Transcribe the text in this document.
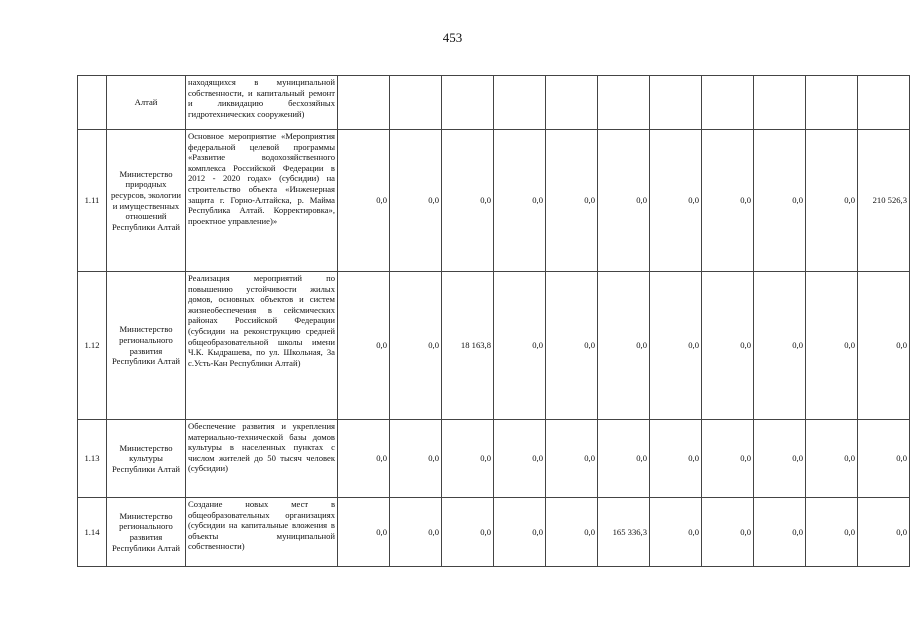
453
	Алтай	находящихся в муниципальной собственности, и капитальный ремонт и ликвидацию бесхозяйных гидротехнических сооружений)											
1.11	Министерство природных ресурсов, экологии и имущественных отношений Республики Алтай	Основное мероприятие «Мероприятия федеральной целевой программы «Развитие водохозяйственного комплекса Российской Федерации в 2012 - 2020 годах» (субсидии) на строительство объекта «Инженерная защита г. Горно-Алтайска, р. Майма Республика Алтай. Корректировка», проектное управление)»	0,0	0,0	0,0	0,0	0,0	0,0	0,0	0,0	0,0	0,0	210 526,3
1.12	Министерство регионального развития Республики Алтай	Реализация мероприятий по повышению устойчивости жилых домов, основных объектов и систем жизнеобеспечения в сейсмических районах Российской Федерации (субсидии на реконструкцию средней общеобразовательной школы имени Ч.К. Кыдрашева, по ул. Школьная, 3а с.Усть-Кан Республики Алтай)	0,0	0,0	18 163,8	0,0	0,0	0,0	0,0	0,0	0,0	0,0	0,0
1.13	Министерство культуры Республики Алтай	Обеспечение развития и укрепления материально-технической базы домов культуры в населенных пунктах с числом жителей до 50 тысяч человек (субсидии)	0,0	0,0	0,0	0,0	0,0	0,0	0,0	0,0	0,0	0,0	0,0
1.14	Министерство регионального развития Республики Алтай	Создание новых мест в общеобразовательных организациях (субсидии на капитальные вложения в объекты муниципальной собственности)	0,0	0,0	0,0	0,0	0,0	165 336,3	0,0	0,0	0,0	0,0	0,0
